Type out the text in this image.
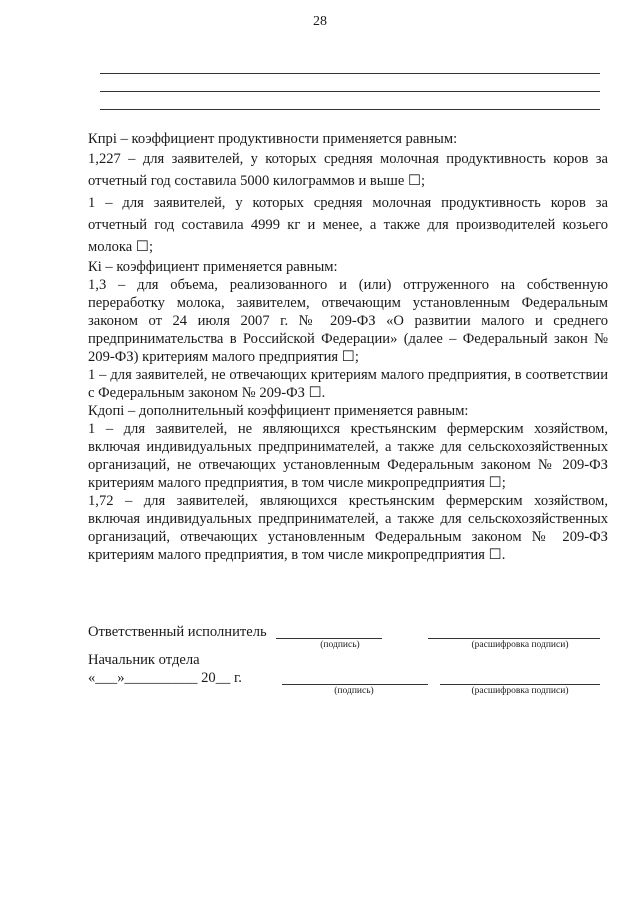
28

Кпрi – коэффициент продуктивности применяется равным:

1,227 – для заявителей, у которых средняя молочная продуктивность коров за отчетный год составила 5000 килограммов и выше ☐;

1 – для заявителей, у которых средняя молочная продуктивность коров за отчетный год составила 4999 кг и менее, а также для производителей козьего молока ☐;

Кi – коэффициент применяется равным:

1,3 – для объема, реализованного и (или) отгруженного на собственную переработку молока, заявителем, отвечающим установленным Федеральным законом от 24 июля 2007 г. № 209-ФЗ «О развитии малого и среднего предпринимательства в Российской Федерации» (далее – Федеральный закон № 209-ФЗ) критериям малого предприятия ☐;

1 – для заявителей, не отвечающих критериям малого предприятия, в соответствии с Федеральным законом № 209-ФЗ ☐.

Кдопi – дополнительный коэффициент применяется равным:

1 – для заявителей, не являющихся крестьянским фермерским хозяйством, включая индивидуальных предпринимателей, а также для сельскохозяйственных организаций, не отвечающих установленным Федеральным законом № 209-ФЗ критериям малого предприятия, в том числе микропредприятия ☐;

1,72 – для заявителей, являющихся крестьянским фермерским хозяйством, включая индивидуальных предпринимателей, а также для сельскохозяйственных организаций, отвечающих установленным Федеральным законом № 209-ФЗ критериям малого предприятия, в том числе микропредприятия ☐.

Ответственный исполнитель
(подпись)	(расшифровка подписи)
Начальник отдела
«___»__________ 20__ г.
(подпись)	(расшифровка подписи)
